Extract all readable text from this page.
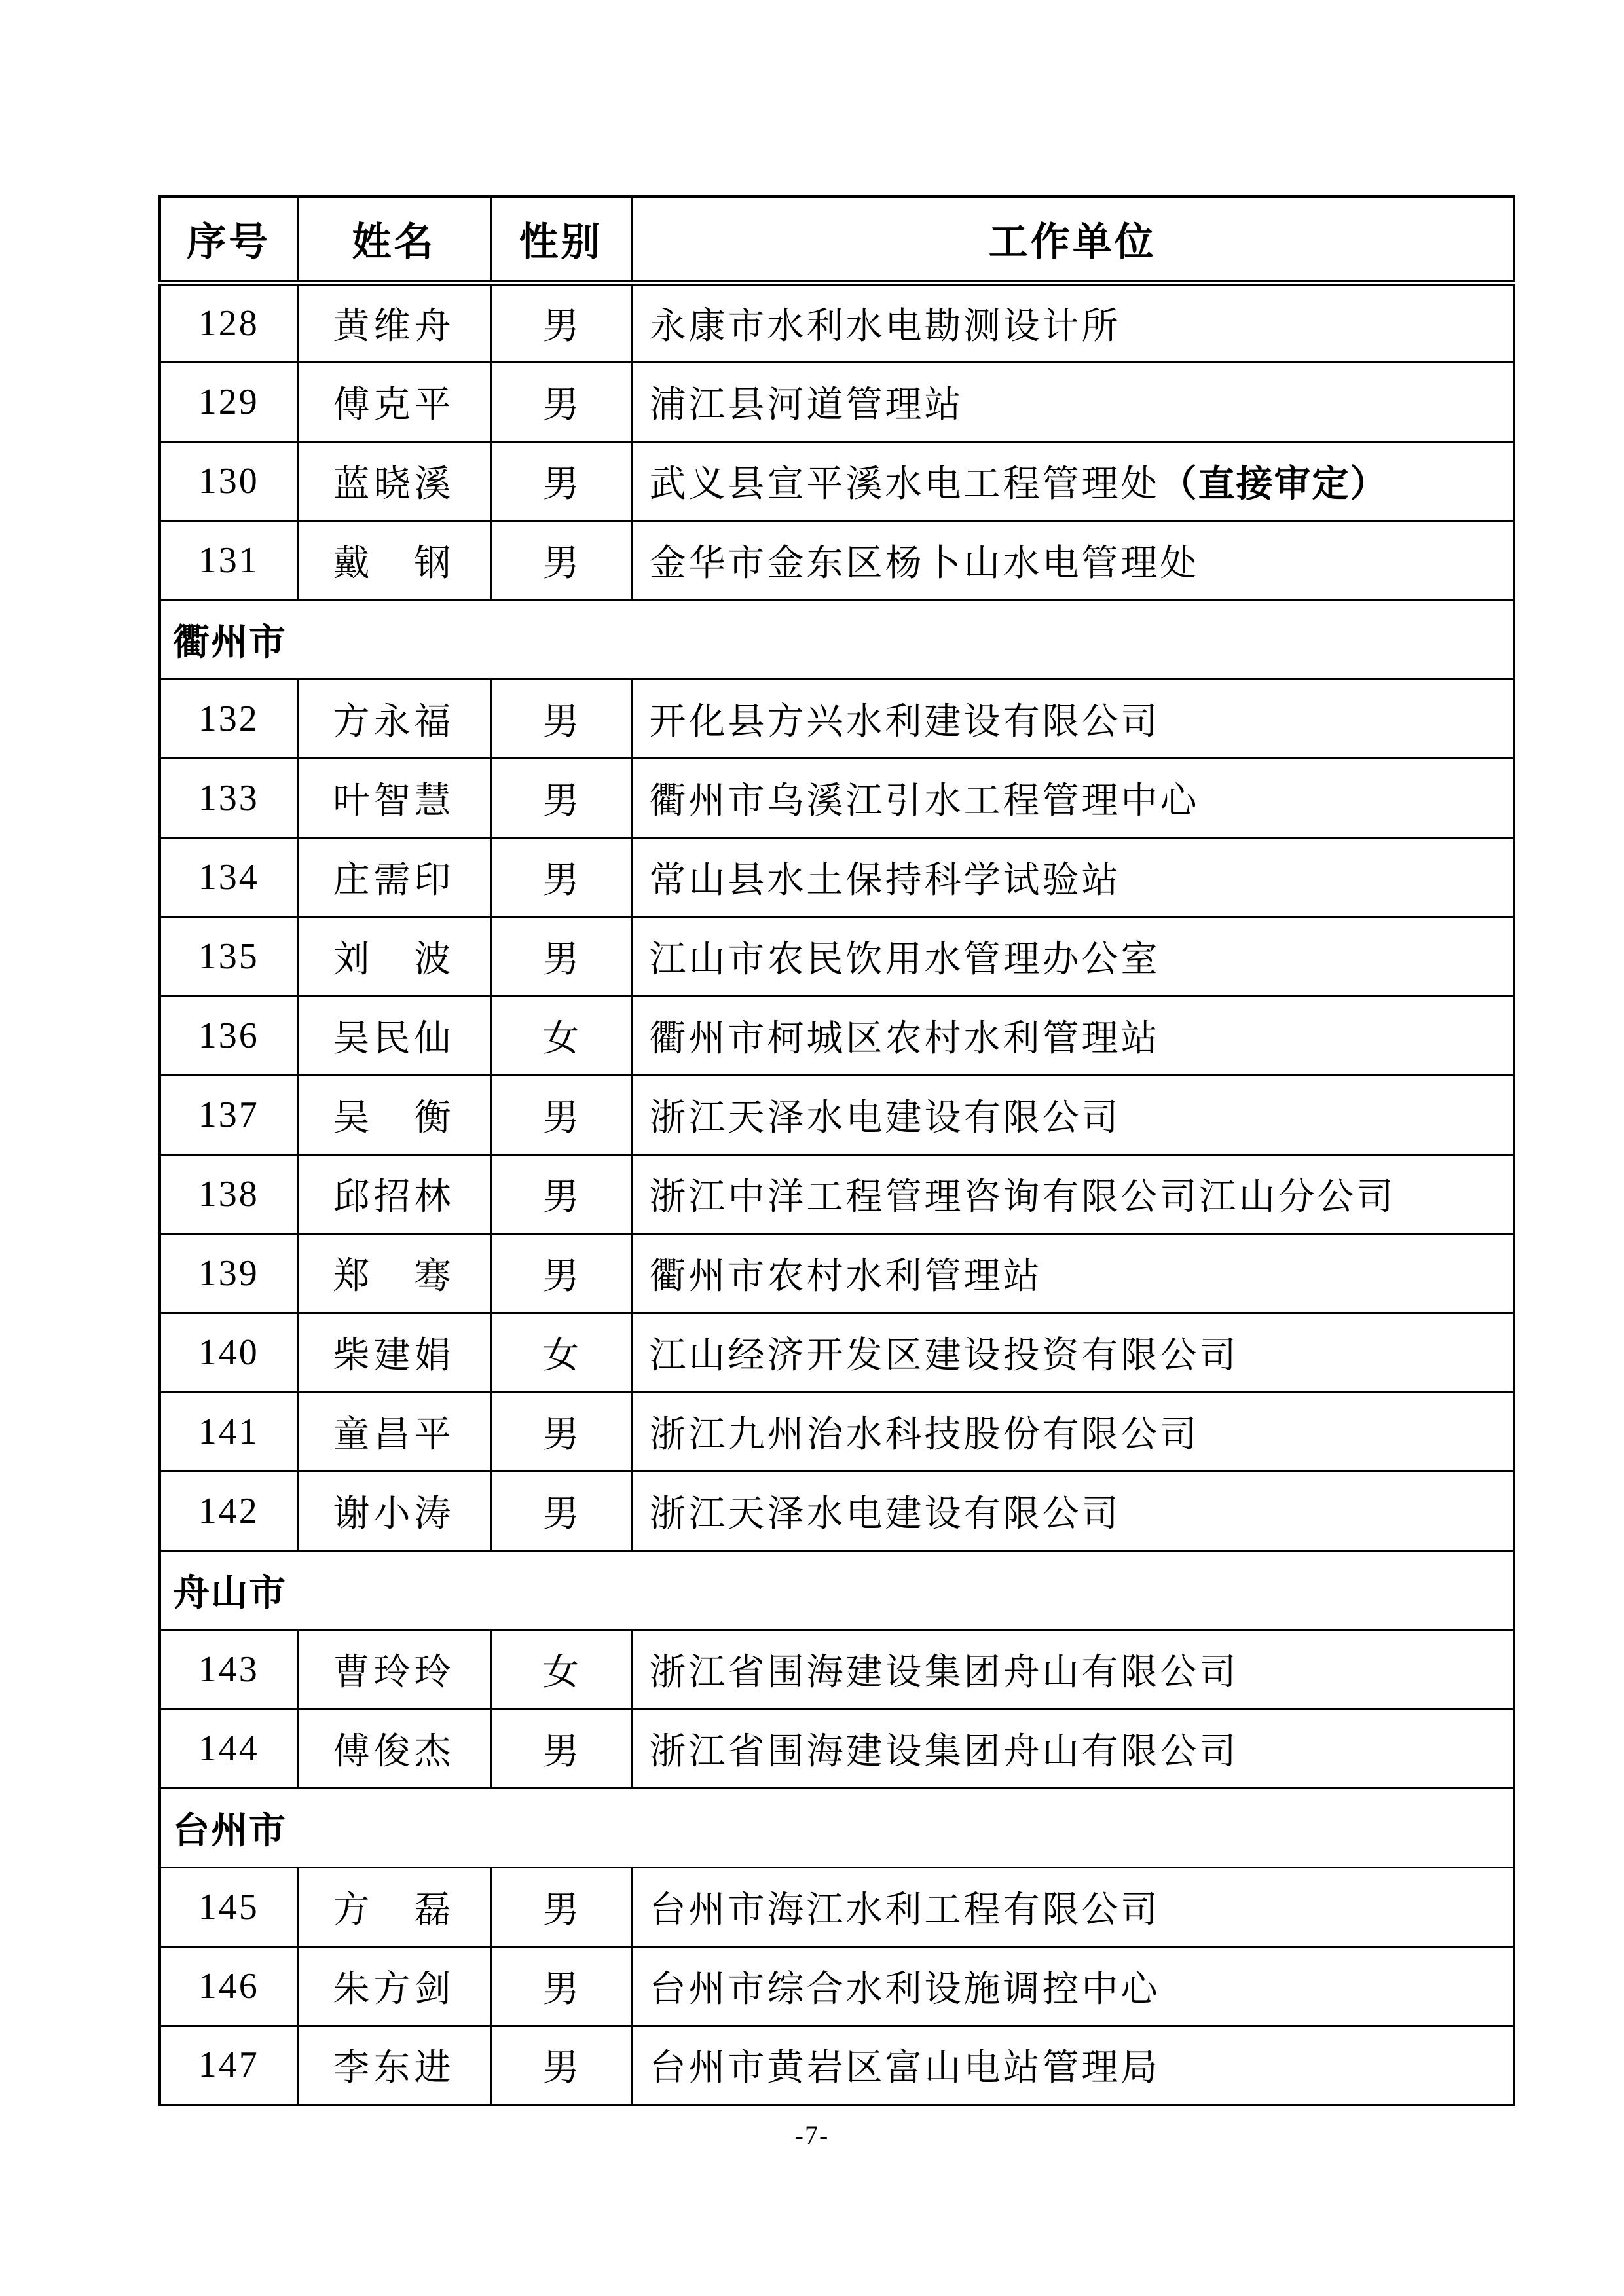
序号	姓名	性别	工作单位
128	黄维舟	男	永康市水利水电勘测设计所
129	傅克平	男	浦江县河道管理站
130	蓝晓溪	男	武义县宣平溪水电工程管理处（直接审定）
131	戴　钢	男	金华市金东区杨卜山水电管理处
衢州市			
132	方永福	男	开化县方兴水利建设有限公司
133	叶智慧	男	衢州市乌溪江引水工程管理中心
134	庄需印	男	常山县水土保持科学试验站
135	刘　波	男	江山市农民饮用水管理办公室
136	吴民仙	女	衢州市柯城区农村水利管理站
137	吴　衡	男	浙江天泽水电建设有限公司
138	邱招林	男	浙江中洋工程管理咨询有限公司江山分公司
139	郑　骞	男	衢州市农村水利管理站
140	柴建娟	女	江山经济开发区建设投资有限公司
141	童昌平	男	浙江九州治水科技股份有限公司
142	谢小涛	男	浙江天泽水电建设有限公司
舟山市			
143	曹玲玲	女	浙江省围海建设集团舟山有限公司
144	傅俊杰	男	浙江省围海建设集团舟山有限公司
台州市			
145	方　磊	男	台州市海江水利工程有限公司
146	朱方剑	男	台州市综合水利设施调控中心
147	李东进	男	台州市黄岩区富山电站管理局
-7-
